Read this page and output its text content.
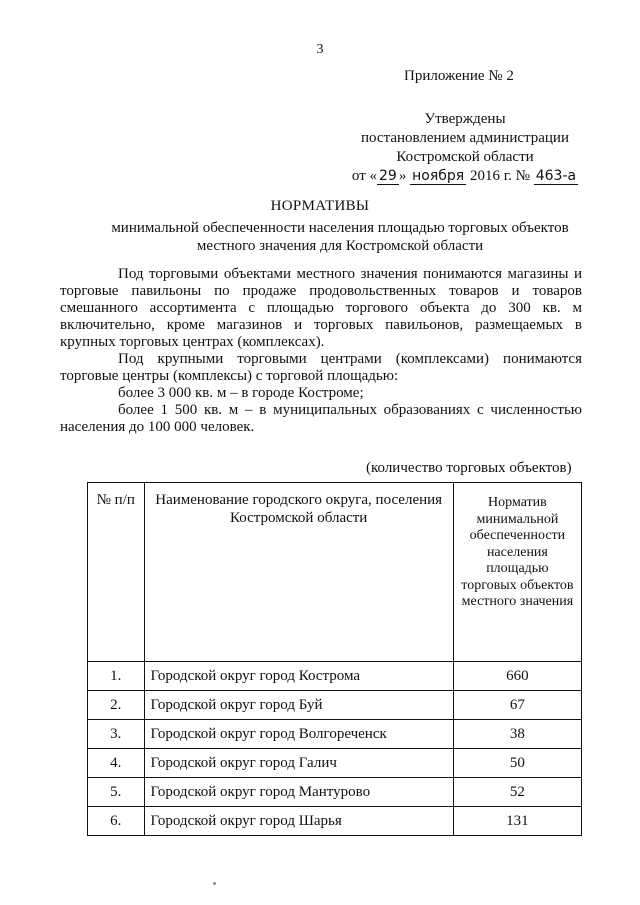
3
Приложение № 2
Утверждены
постановлением администрации
Костромской области
от « 29 » ноября 2016 г. № 463-а
НОРМАТИВЫ
минимальной обеспеченности населения площадью торговых объектов
местного значения для Костромской области

Под торговыми объектами местного значения понимаются магазины и торговые павильоны по продаже продовольственных товаров и товаров смешанного ассортимента с площадью торгового объекта до 300 кв. м включительно, кроме магазинов и торговых павильонов, размещаемых в крупных торговых центрах (комплексах).

Под крупными торговыми центрами (комплексами) понимаются торговые центры (комплексы) с торговой площадью:

более 3 000 кв. м – в городе Костроме;

более 1 500 кв. м – в муниципальных образованиях с численностью населения до 100 000 человек.

(количество торговых объектов)
№ п/п	Наименование городского округа, поселения Костромской области	Норматив минимальной обеспеченности населения площадью торговых объектов местного значения
1.	Городской округ город Кострома	660
2.	Городской округ город Буй	67
3.	Городской округ город Волгореченск	38
4.	Городской округ город Галич	50
5.	Городской округ город Мантурово	52
6.	Городской округ город Шарья	131
